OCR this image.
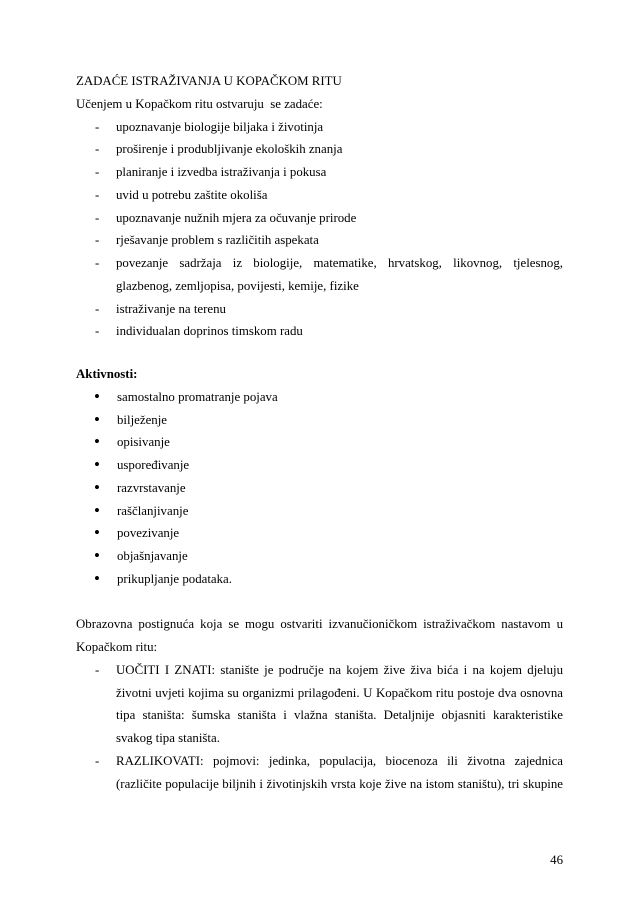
ZADAĆE ISTRAŽIVANJA U KOPAČKOM RITU

Učenjem u Kopačkom ritu ostvaruju  se zadaće:

- upoznavanje biologije biljaka i životinja
- proširenje i produbljivanje ekoloških znanja
- planiranje i izvedba istraživanja i pokusa
- uvid u potrebu zaštite okoliša
- upoznavanje nužnih mjera za očuvanje prirode
- rješavanje problem s različitih aspekata
- povezanje sadržaja iz biologije, matematike, hrvatskog, likovnog, tjelesnog, glazbenog, zemljopisa, povijesti, kemije, fizike
- istraživanje na terenu
- individualan doprinos timskom radu

Aktivnosti:

• samostalno promatranje pojava
• bilježenje
• opisivanje
• uspoređivanje
• razvrstavanje
• raščlanjivanje
• povezivanje
• objašnjavanje
• prikupljanje podataka.

Obrazovna postignuća koja se mogu ostvariti izvanučioničkom istraživačkom nastavom u Kopačkom ritu:

- UOČITI I ZNATI: stanište je područje na kojem žive živa bića i na kojem djeluju životni uvjeti kojima su organizmi prilagođeni. U Kopačkom ritu postoje dva osnovna tipa staništa: šumska staništa i vlažna staništa. Detaljnije objasniti karakteristike svakog tipa staništa.
- RAZLIKOVATI: pojmovi: jedinka, populacija, biocenoza ili životna zajednica (različite populacije biljnih i životinjskih vrsta koje žive na istom staništu), tri skupine
46
